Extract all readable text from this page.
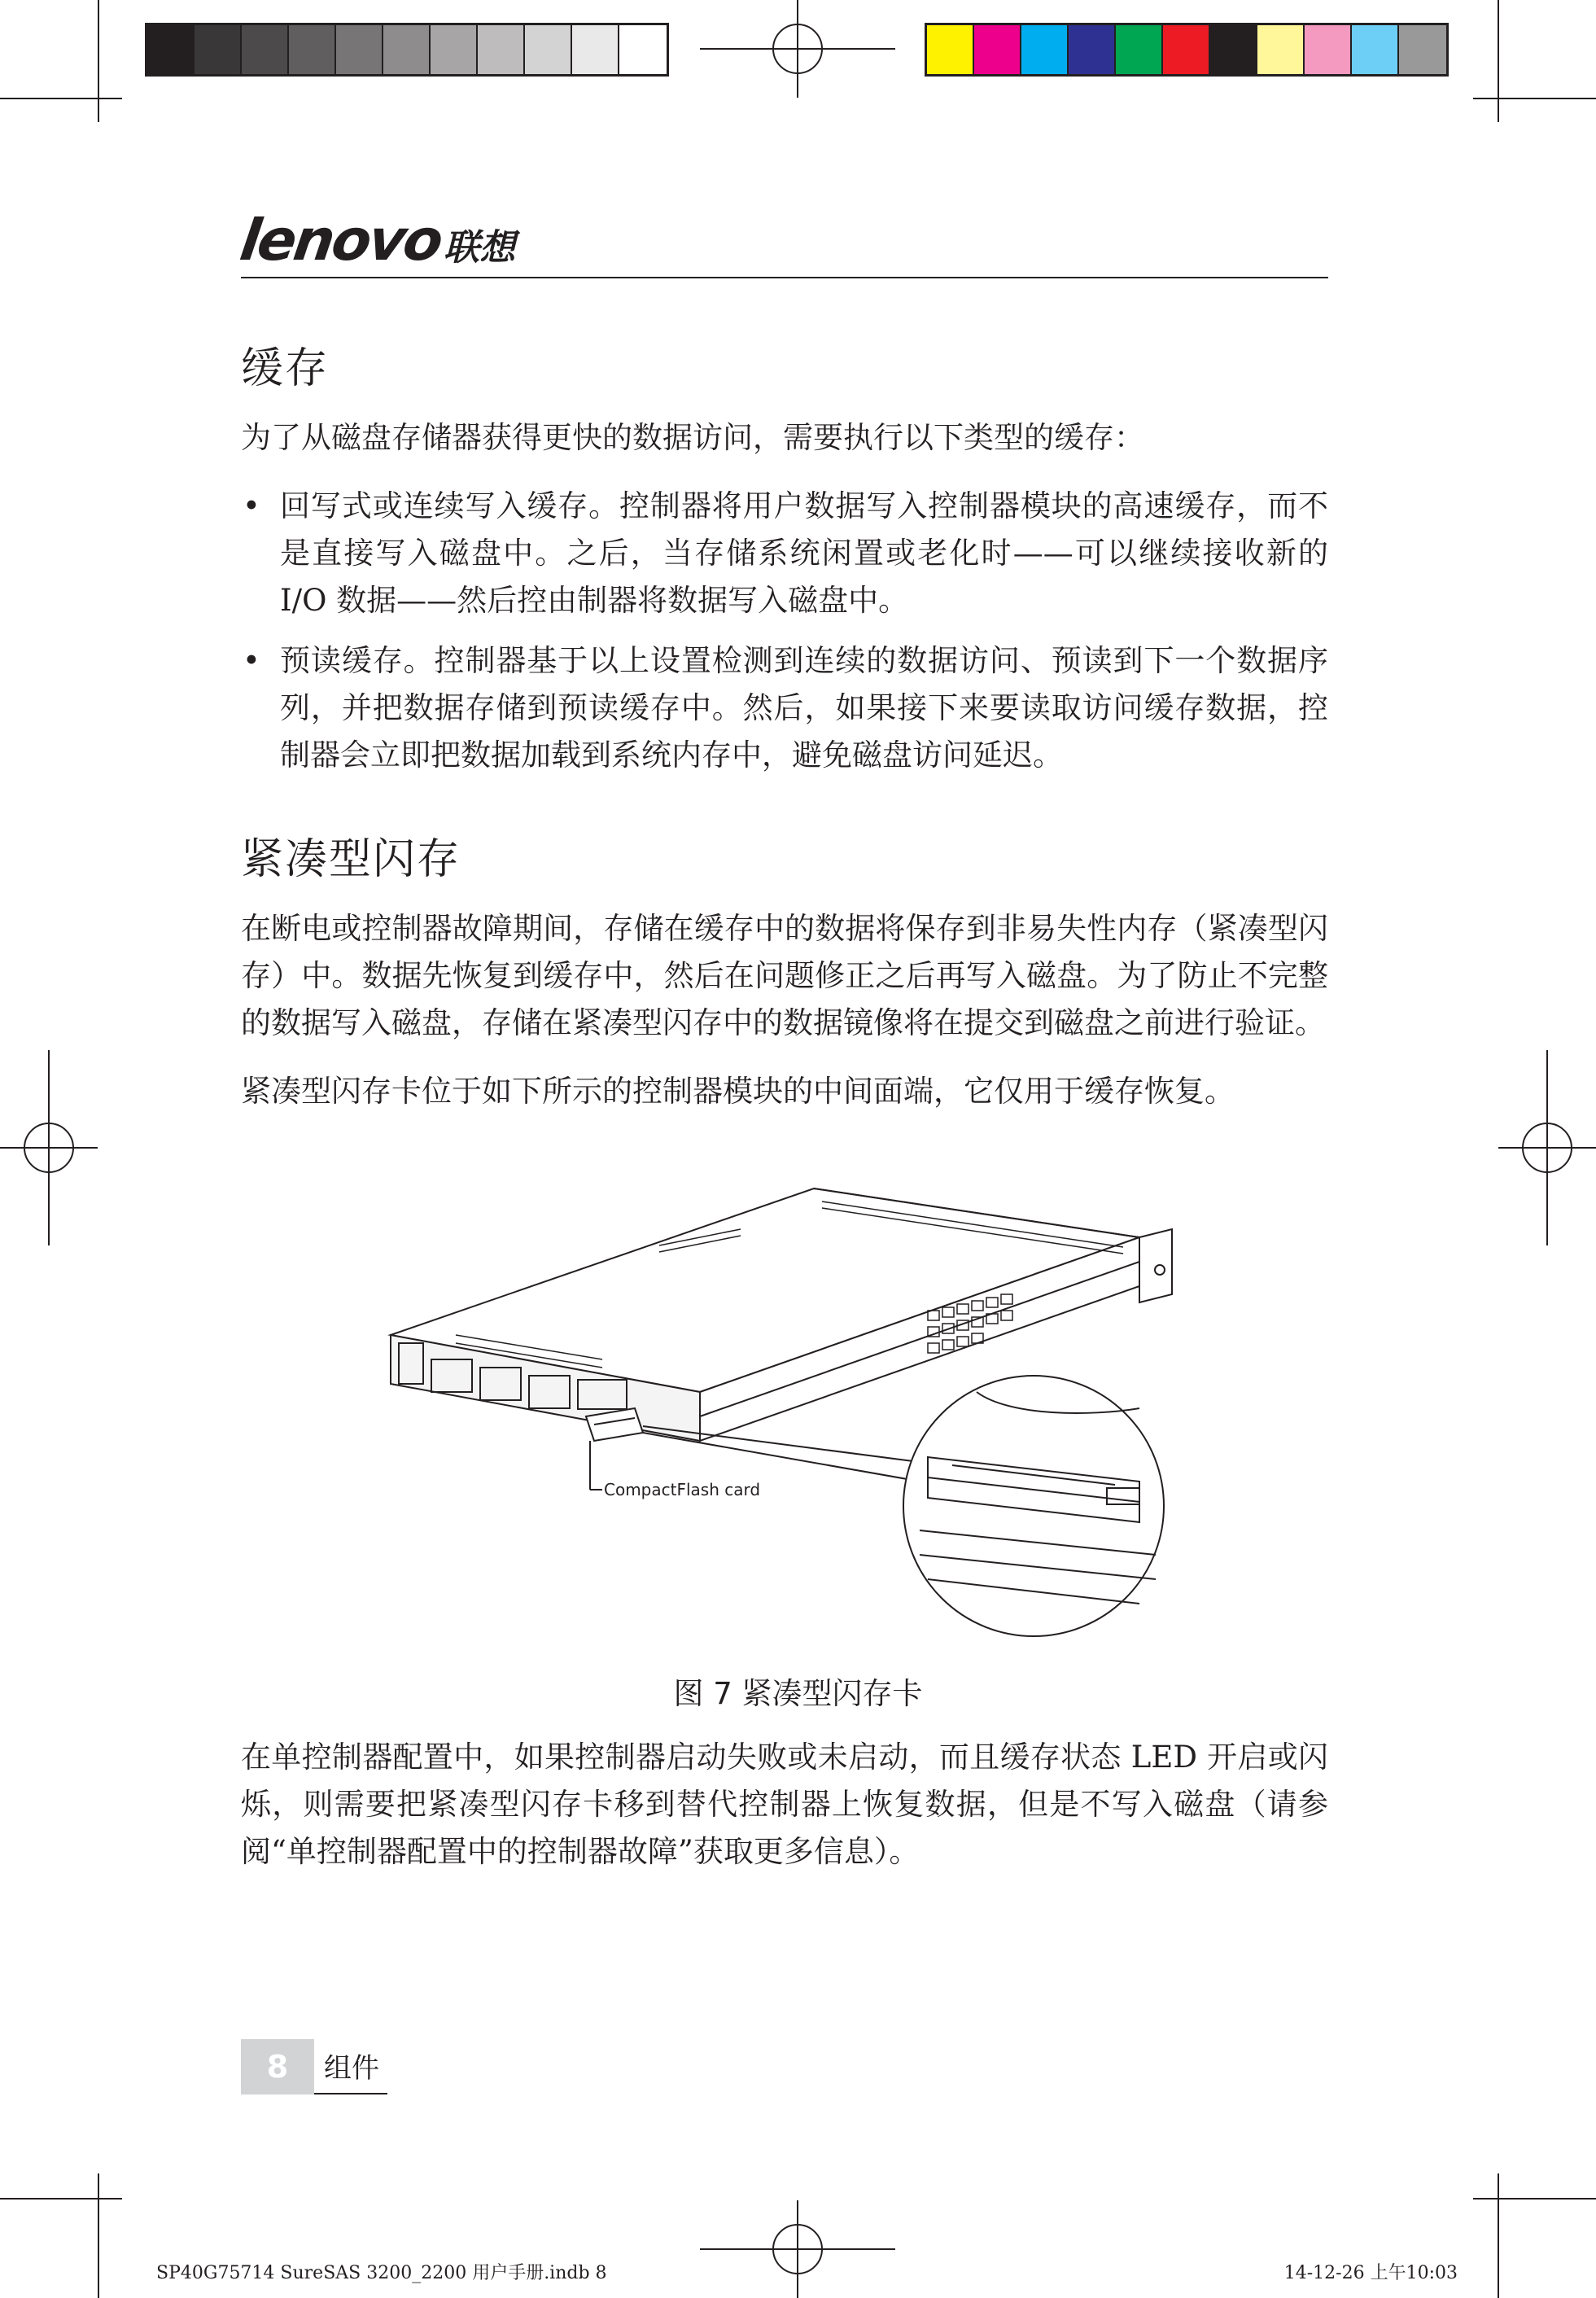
lenovo
联想
缓存

为了从磁盘存储器获得更快的数据访问，需要执行以下类型的缓存：

• 回写式或连续写入缓存。控制器将用户数据写入控制器模块的高速缓存，而不是直接写入磁盘中。之后，当存储系统闲置或老化时——可以继续接收新的 I/O 数据——然后控由制器将数据写入磁盘中。
• 预读缓存。控制器基于以上设置检测到连续的数据访问、预读到下一个数据序列，并把数据存储到预读缓存中。然后，如果接下来要读取访问缓存数据，控制器会立即把数据加载到系统内存中，避免磁盘访问延迟。
紧凑型闪存

在断电或控制器故障期间，存储在缓存中的数据将保存到非易失性内存（紧凑型闪存）中。数据先恢复到缓存中，然后在问题修正之后再写入磁盘。为了防止不完整的数据写入磁盘，存储在紧凑型闪存中的数据镜像将在提交到磁盘之前进行验证。

紧凑型闪存卡位于如下所示的控制器模块的中间面端，它仅用于缓存恢复。

CompactFlash card
图 7 紧凑型闪存卡

在单控制器配置中，如果控制器启动失败或未启动，而且缓存状态 LED 开启或闪烁，则需要把紧凑型闪存卡移到替代控制器上恢复数据，但是不写入磁盘（请参阅“单控制器配置中的控制器故障”获取更多信息）。

8 组件
SP40G75714 SureSAS 3200_2200 用户手册.indb 8	14-12-26 上午10:03
